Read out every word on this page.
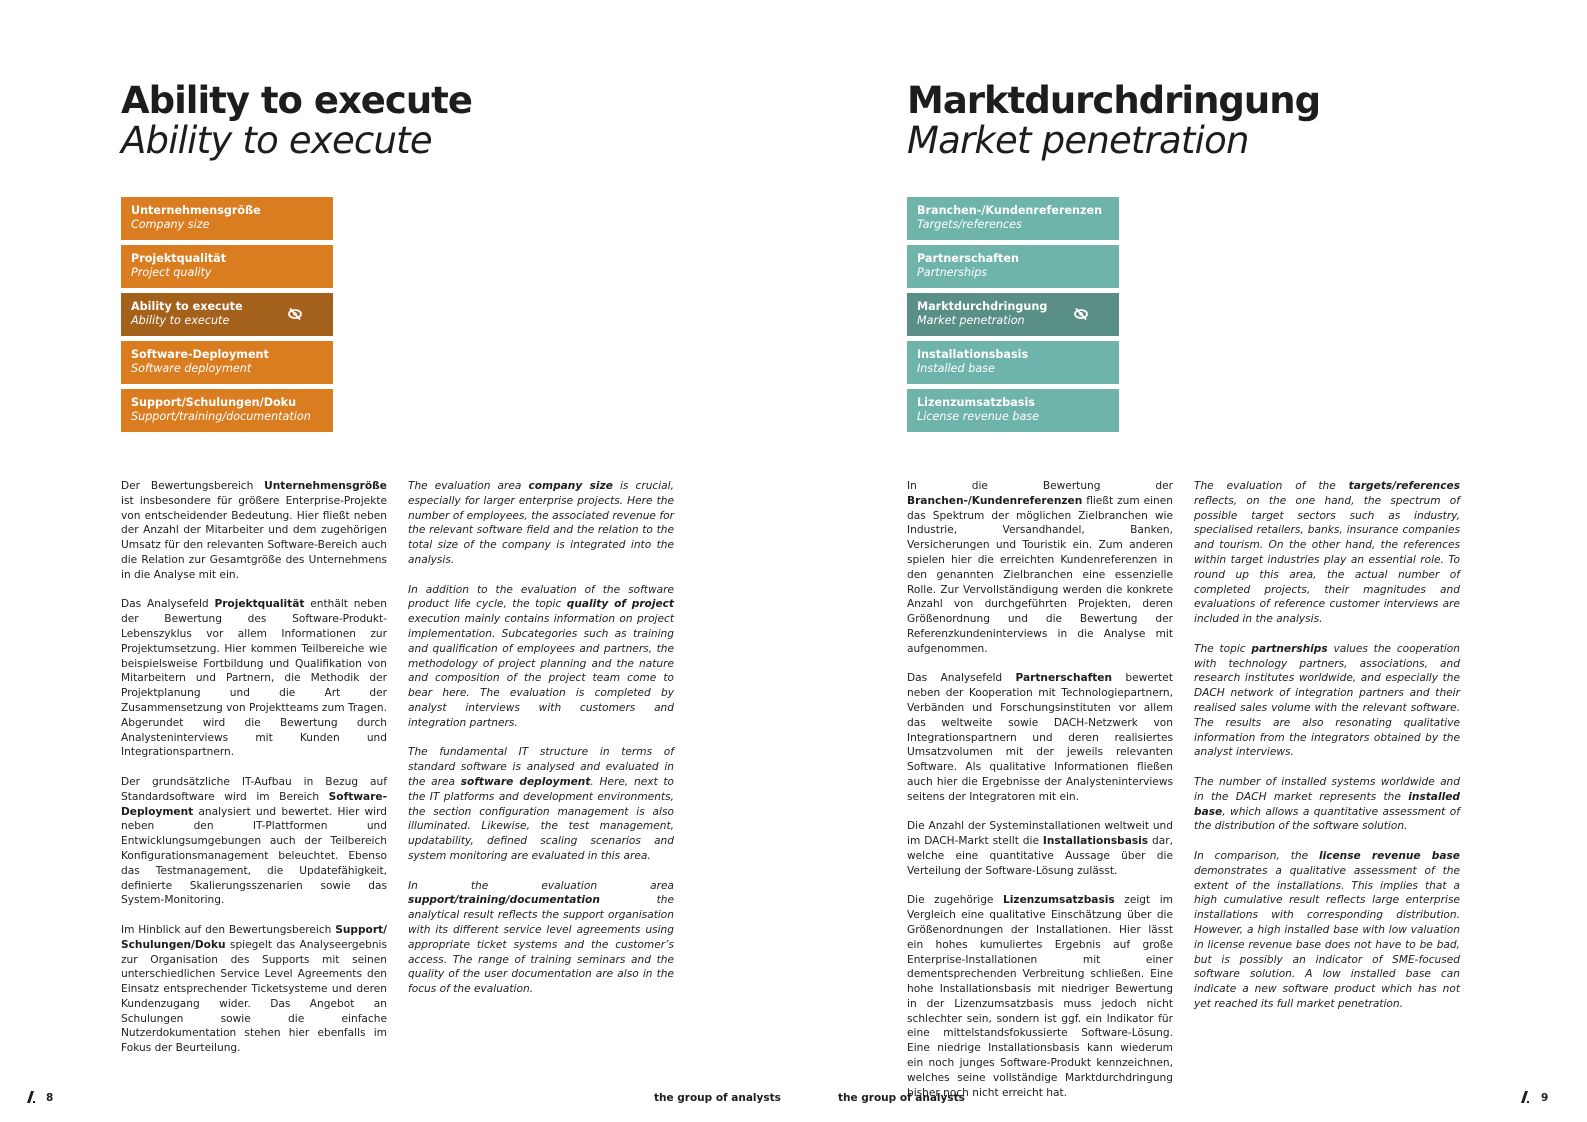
Ability to execute
Ability to execute
Unternehmensgröße
Company size
Projektqualität
Project quality
Ability to execute
Ability to execute
Software-Deployment
Software deployment
Support/Schulungen/Doku
Support/training/documentation

Der Bewertungsbereich Unternehmensgröße ist insbesondere für größere Enterprise-Projekte von entscheidender Bedeutung. Hier fließt neben der Anzahl der Mitarbeiter und dem zugehörigen Umsatz für den relevanten Software-Bereich auch die Relation zur Gesamtgröße des Unternehmens in die Analyse mit ein.

Das Analysefeld Projektqualität enthält neben der Bewertung des Software-Produkt-Lebenszyklus vor allem Informationen zur Projektumsetzung. Hier kommen Teilbereiche wie beispielsweise Fortbildung und Qualifikation von Mitarbeitern und Partnern, die Methodik der Projektplanung und die Art der Zusammensetzung von Projektteams zum Tragen. Abgerundet wird die Bewertung durch Analysteninterviews mit Kunden und Integrationspartnern.

Der grundsätzliche IT-Aufbau in Bezug auf Standardsoftware wird im Bereich Software-Deployment analysiert und bewertet. Hier wird neben den IT-Plattformen und Entwicklungsumgebungen auch der Teilbereich Konfigurationsmanagement beleuchtet. Ebenso das Testmanagement, die Updatefähigkeit, definierte Skalierungsszenarien sowie das System-Monitoring.

Im Hinblick auf den Bewertungsbereich Support/ Schulungen/Doku spiegelt das Analyseergebnis zur Organisation des Supports mit seinen unterschiedlichen Service Level Agreements den Einsatz entsprechender Ticketsysteme und deren Kundenzugang wider. Das Angebot an Schulungen sowie die einfache Nutzerdokumentation stehen hier ebenfalls im Fokus der Beurteilung.

The evaluation area company size is crucial, especially for larger enterprise projects. Here the number of employees, the associated revenue for the relevant software field and the relation to the total size of the company is integrated into the analysis.

In addition to the evaluation of the software product life cycle, the topic quality of project execution mainly contains information on project implementation. Subcategories such as training and qualification of employees and partners, the methodology of project planning and the nature and composition of the project team come to bear here. The evaluation is completed by analyst interviews with customers and integration partners.

The fundamental IT structure in terms of standard software is analysed and evaluated in the area software deployment. Here, next to the IT platforms and development environments, the section configuration management is also illuminated. Likewise, the test management, updatability, defined scaling scenarios and system monitoring are evaluated in this area.

In the evaluation area support/training/documentation the analytical result reflects the support organisation with its different service level agreements using appropriate ticket systems and the customer’s access. The range of training seminars and the quality of the user documentation are also in the focus of the evaluation.

8	the group of analysts
Marktdurchdringung
Market penetration
Branchen-/Kundenreferenzen
Targets/references
Partnerschaften
Partnerships
Marktdurchdringung
Market penetration
Installationsbasis
Installed base
Lizenzumsatzbasis
License revenue base

In die Bewertung der Branchen-/Kundenreferenzen fließt zum einen das Spektrum der möglichen Zielbranchen wie Industrie, Versandhandel, Banken, Versicherungen und Touristik ein. Zum anderen spielen hier die erreichten Kundenreferenzen in den genannten Zielbranchen eine essenzielle Rolle. Zur Vervollständigung werden die konkrete Anzahl von durchgeführten Projekten, deren Größenordnung und die Bewertung der Referenzkundeninterviews in die Analyse mit aufgenommen.

Das Analysefeld Partnerschaften bewertet neben der Kooperation mit Technologiepartnern, Verbänden und Forschungsinstituten vor allem das weltweite sowie DACH-Netzwerk von Integrationspartnern und deren realisiertes Umsatzvolumen mit der jeweils relevanten Software. Als qualitative Informationen fließen auch hier die Ergebnisse der Analysteninterviews seitens der Integratoren mit ein.

Die Anzahl der Systeminstallationen weltweit und im DACH-Markt stellt die Installationsbasis dar, welche eine quantitative Aussage über die Verteilung der Software-Lösung zulässt.

Die zugehörige Lizenzumsatzbasis zeigt im Vergleich eine qualitative Einschätzung über die Größenordnungen der Installationen. Hier lässt ein hohes kumuliertes Ergebnis auf große Enterprise-Installationen mit einer dementsprechenden Verbreitung schließen. Eine hohe Installationsbasis mit niedriger Bewertung in der Lizenzumsatzbasis muss jedoch nicht schlechter sein, sondern ist ggf. ein Indikator für eine mittelstandsfokussierte Software-Lösung. Eine niedrige Installationsbasis kann wiederum ein noch junges Software-Produkt kennzeichnen, welches seine vollständige Marktdurchdringung bisher noch nicht erreicht hat.

The evaluation of the targets/references reflects, on the one hand, the spectrum of possible target sectors such as industry, specialised retailers, banks, insurance companies and tourism. On the other hand, the references within target industries play an essential role. To round up this area, the actual number of completed projects, their magnitudes and evaluations of reference customer interviews are included in the analysis.

The topic partnerships values the cooperation with technology partners, associations, and research institutes worldwide, and especially the DACH network of integration partners and their realised sales volume with the relevant software. The results are also resonating qualitative information from the integrators obtained by the analyst interviews.

The number of installed systems worldwide and in the DACH market represents the installed base, which allows a quantitative assessment of the distribution of the software solution.

In comparison, the license revenue base demonstrates a qualitative assessment of the extent of the installations. This implies that a high cumulative result reflects large enterprise installations with corresponding distribution. However, a high installed base with low valuation in license revenue base does not have to be bad, but is possibly an indicator of SME-focused software solution. A low installed base can indicate a new software product which has not yet reached its full market penetration.

the group of analysts	9
